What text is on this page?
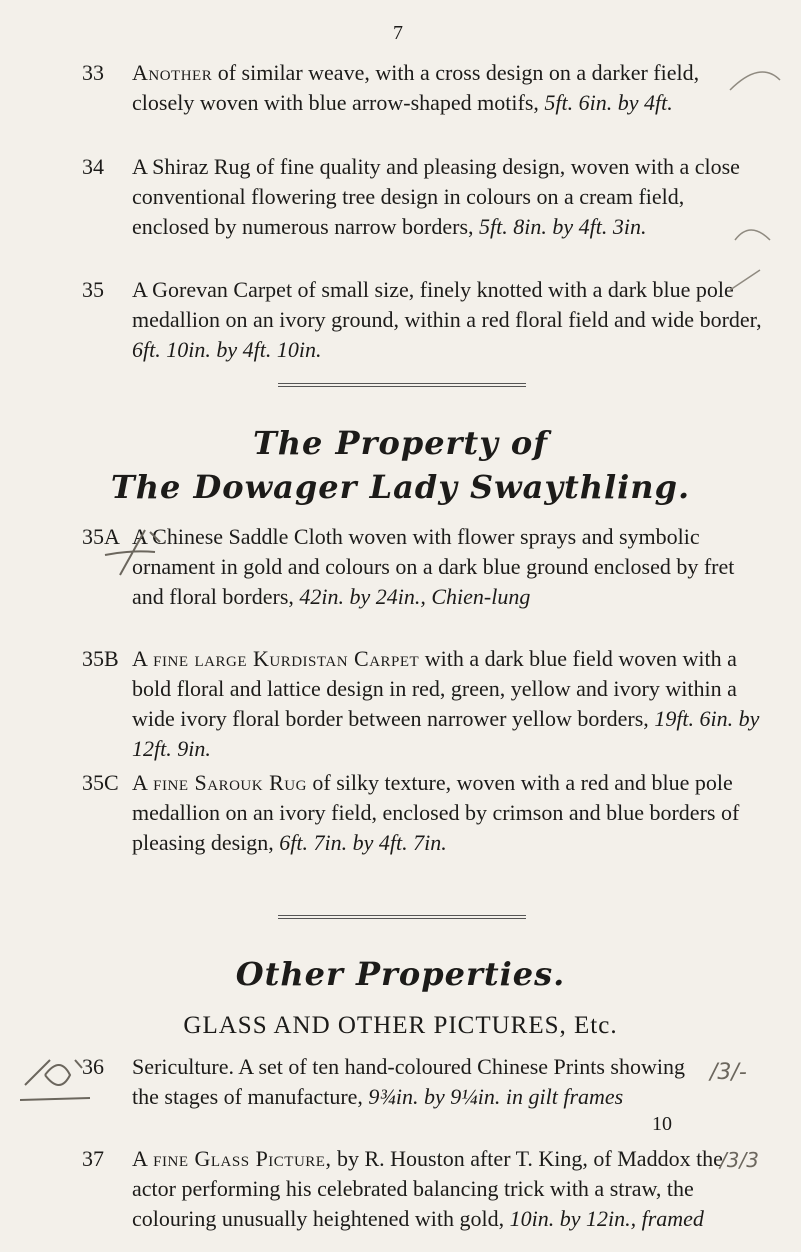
7
33 Another of similar weave, with a cross design on a darker field, closely woven with blue arrow-shaped motifs, 5ft. 6in. by 4ft.
34 A Shiraz Rug of fine quality and pleasing design, woven with a close conventional flowering tree design in colours on a cream field, enclosed by numerous narrow borders, 5ft. 8in. by 4ft. 3in.
35 A Gorevan Carpet of small size, finely knotted with a dark blue pole medallion on an ivory ground, within a red floral field and wide border, 6ft. 10in. by 4ft. 10in.
The Property of
The Dowager Lady Swaythling.
35A A Chinese Saddle Cloth woven with flower sprays and symbolic ornament in gold and colours on a dark blue ground enclosed by fret and floral borders, 42in. by 24in., Chien-lung
35B A fine large Kurdistan Carpet with a dark blue field woven with a bold floral and lattice design in red, green, yellow and ivory within a wide ivory floral border between narrower yellow borders, 19ft. 6in. by 12ft. 9in.
35C A fine Sarouk Rug of silky texture, woven with a red and blue pole medallion on an ivory field, enclosed by crimson and blue borders of pleasing design, 6ft. 7in. by 4ft. 7in.
Other Properties.
GLASS AND OTHER PICTURES, Etc.
36 Sericulture. A set of ten hand-coloured Chinese Prints showing the stages of manufacture, 9¾in. by 9¼in. in gilt frames
10
37 A fine Glass Picture, by R. Houston after T. King, of Maddox the actor performing his celebrated balancing trick with a straw, the colouring unusually heightened with gold, 10in. by 12in., framed
/3/-
/3/3
